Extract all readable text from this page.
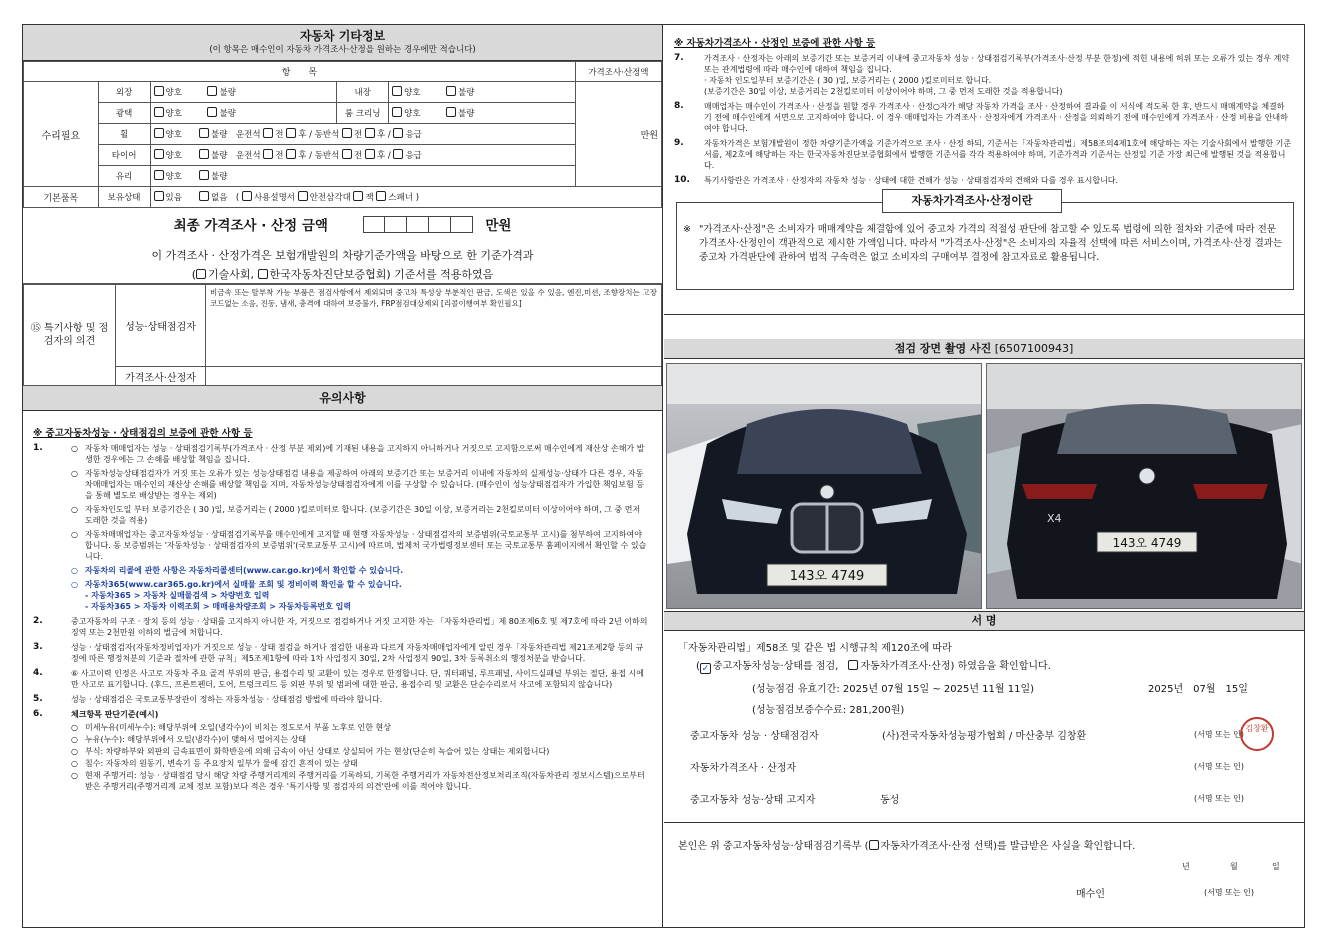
자동차 기타정보
(이 항목은 매수인이 자동차 가격조사·산정을 원하는 경우에만 적습니다)
항　　목					가격조사·산정액
수리필요	외장	양호　　　 불량	내장	양호　　　 불량	만원
	광택	양호　　　 불량	룸 크리닝	양호　　　 불량	
	휠	양호　　 불량　 운전석 전 후 / 동반석 전 후 / 응급			
	타이어	양호　　 불량　 운전석 전 후 / 동반석 전 후 / 응급			
	유리	양호　　 불량			
기본품목	보유상태	있음　　 없음　( 사용설명서 안전삼각대 잭 스패너 )			
최종 가격조사 · 산정 금액	만원
이 가격조사 · 산정가격은 보험개발원의 차량기준가액을 바탕으로 한 기준가격과
( 기술사회, 한국자동차진단보증협회) 기준서를 적용하였음
⑮ 특기사항 및 점검자의 의견	성능·상태점검자	비금속 또는 탈부착 가능 부품은 점검사항에서 제외되며 중고차 특성상 부분적인 판금, 도색은 있을 수 있음, 엔진,미션, 조향장치는 고장코드없는 소음, 진동, 냄새, 충격에 대하여 보증불가, FRP점검대상제외 [리콜이행여부 확인필요]
	가격조사·산정자	
유의사항
※ 중고자동차성능 · 상태점검의 보증에 관한 사항 등
1.	○ 자동차 매매업자는 성능 · 상태점검기록부(가격조사 · 산정 부분 제외)에 기재된 내용을 고지하지 아니하거나 거짓으로 고지함으로써 매수인에게 재산상 손해가 발생한 경우에는 그 손해를 배상할 책임을 집니다.
○ 자동차성능상태점검자가 거짓 또는 오류가 있는 성능상태점검 내용을 제공하여 아래의 보증기간 또는 보증거리 이내에 자동차의 실제성능·상태가 다른 경우, 자동차매매업자는 매수인의 재산상 손해를 배상할 책임을 지며, 자동차성능상태점검자에게 이를 구상할 수 있습니다. (매수인이 성능상태점검자가 가입한 책임보험 등을 통해 별도로 배상받는 경우는 제외)
○ 자동차인도일 부터 보증기간은 ( 30 )일, 보증거리는 ( 2000 )킬로미터로 합니다. (보증기간은 30일 이상, 보증거리는 2천킬로미터 이상이어야 하며, 그 중 먼저 도래한 것을 적용)
○ 자동차매매업자는 중고자동차성능 · 상태점검기록부를 매수인에게 고지할 때 현행 자동차성능 · 상태점검자의 보증범위(국토교통부 고시)를 첨부하여 고지하여야 합니다. 동 보증범위는 '자동차성능 · 상태점검자의 보증범위'(국토교통부 고시)에 따르며, 법제처 국가법령정보센터 또는 국토교통부 홈페이지에서 확인할 수 있습니다.
○ 자동차의 리콜에 관한 사항은 자동차리콜센터(www.car.go.kr)에서 확인할 수 있습니다.
○ 자동차365(www.car365.go.kr)에서 실매물 조회 및 정비이력 확인을 할 수 있습니다.
- 자동차365 > 자동차 실매물검색 > 차량번호 입력
- 자동차365 > 자동차 이력조회 > 매매용차량조회 > 자동차등록번호 입력
2.	중고자동차의 구조 · 장치 등의 성능 · 상태를 고지하지 아니한 자, 거짓으로 점검하거나 거짓 고지한 자는 「자동차관리법」제 80조제6호 및 제7호에 따라 2년 이하의 징역 또는 2천만원 이하의 벌금에 처합니다.
3.	성능 · 상태점검자(자동차정비업자)가 거짓으로 성능 · 상태 점검을 하거나 점검한 내용과 다르게 자동차매매업자에게 알린 경우「자동차관리법 제21조제2항 등의 규정에 따른 행정처분의 기준과 절차에 관한 규칙」제5조제1항에 따라 1차 사업정지 30일, 2차 사업정지 90일, 3차 등록취소의 행정처분을 받습니다.
4.	⑥ 사고이력 인정은 사고로 자동차 주요 골격 부위의 판금, 용접수리 및 교환이 있는 경우로 한정합니다. 단, 쿼터패널, 루프패널, 사이드실패널 부위는 절단, 용접 시에만 사고로 표기합니다. (후드, 프론트펜더, 도어, 트렁크리드 등 외판 부위 및 범퍼에 대한 판금, 용접수리 및 교환은 단순수리로서 사고에 포함되지 않습니다)
5.	성능 · 상태점검은 국토교통부장관이 정하는 자동차성능 · 상태점검 방법에 따라야 합니다.
6.	체크항목 판단기준(예시)
○ 미세누유(미세누수): 해당부위에 오일(냉각수)이 비치는 정도로서 부품 노후로 인한 현상
○ 누유(누수): 해당부위에서 오일(냉각수)이 맺혀서 떨어지는 상태
○ 부식: 차량하부와 외판의 금속표면이 화학반응에 의해 금속이 아닌 상태로 상실되어 가는 현상(단순히 녹슬어 있는 상태는 제외합니다)
○ 침수: 자동차의 원동기, 변속기 등 주요장치 일부가 물에 잠긴 흔적이 있는 상태
○ 현재 주행거리: 성능 · 상태점검 당시 해당 차량 주행거리계의 주행거리를 기록하되, 기록한 주행거리가 자동차전산정보처리조직(자동차관리 정보시스템)으로부터 받은 주행거리(주행거리계 교체 정보 포함)보다 적은 경우 '특기사항 및 점검자의 의견'란에 이를 적어야 합니다.
※ 자동차가격조사 · 산정인 보증에 관한 사항 등
7.	가격조사 · 산정자는 아래의 보증기간 또는 보증거리 이내에 중고자동차 성능 · 상태점검기록부(가격조사·산정 부분 한정)에 적힌 내용에 허위 또는 오류가 있는 경우 계약 또는 관계법령에 따라 매수인에 대하여 책임을 집니다.
· 자동차 인도일부터 보증기간은 ( 30 )일, 보증거리는 ( 2000 )킬로미터로 합니다.
(보증기간은 30일 이상, 보증거리는 2천킬로미터 이상이어야 하며, 그 중 먼저 도래한 것을 적용합니다)
8.	매매업자는 매수인이 가격조사 · 산정을 원할 경우 가격조사 · 산정○자가 해당 자동차 가격을 조사 · 산정하여 결과를 이 서식에 적도록 한 후, 반드시 매매계약을 체결하기 전에 매수인에게 서면으로 고지하여야 합니다. 이 경우 매매업자는 가격조사 · 산정자에게 가격조사 · 산정을 의뢰하기 전에 매수인에게 가격조사 · 산정 비용을 안내하여야 합니다.
9.	자동차가격은 보험개발원이 정한 차량기준가액을 기준가격으로 조사 · 산정 하되, 기준서는「자동차관리법」제58조의4제1호에 해당하는 자는 기술사회에서 발행한 기준서를, 제2호에 해당하는 자는 한국자동차진단보증협회에서 발행한 기준서를 각각 적용하여야 하며, 기준가격과 기준서는 산정일 기준 가장 최근에 발행된 것을 적용합니다.
10.	특기사항란은 가격조사 · 산정자의 자동차 성능 · 상태에 대한 견해가 성능 · 상태점검자의 견해와 다를 경우 표시합니다.
자동차가격조사·산정이란
※ "가격조사·산정"은 소비자가 매매계약을 체결함에 있어 중고차 가격의 적절성 판단에 참고할 수 있도록 법령에 의한 절차와 기준에 따라 전문 가격조사·산정인이 객관적으로 제시한 가액입니다. 따라서 "가격조사·산정"은 소비자의 자율적 선택에 따른 서비스이며, 가격조사·산정 결과는 중고차 가격판단에 관하여 법적 구속력은 없고 소비자의 구매여부 결정에 참고자료로 활용됩니다.
점검 장면 촬영 사진 [6507100943]
143오 4749
X4
143오 4749
서 명
「자동차관리법」제58조 및 같은 법 시행규칙 제120조에 따라
( ✓ 중고자동차성능·상태를 점검,　 자동차가격조사·산정) 하였음을 확인합니다.
(성능점검 유효기간: 2025년 07월 15일 ~ 2025년 11월 11일)	2025년　07월　15일
(성능점검보증수수료: 281,200원)
중고자동차 성능 · 상태점검자	(사)전국자동차성능평가협회 / 마산충부 김창환	(서명 또는 인)
김창환
자동차가격조사 · 산정자	(서명 또는 인)
중고자동차 성능·상태 고지자	동성	(서명 또는 인)
본인은 위 중고자동차성능·상태점검기록부 ( 자동차가격조사·산정 선택)를 발급받은 사실을 확인합니다.
년	월	일
매수인	(서명 또는 인)
